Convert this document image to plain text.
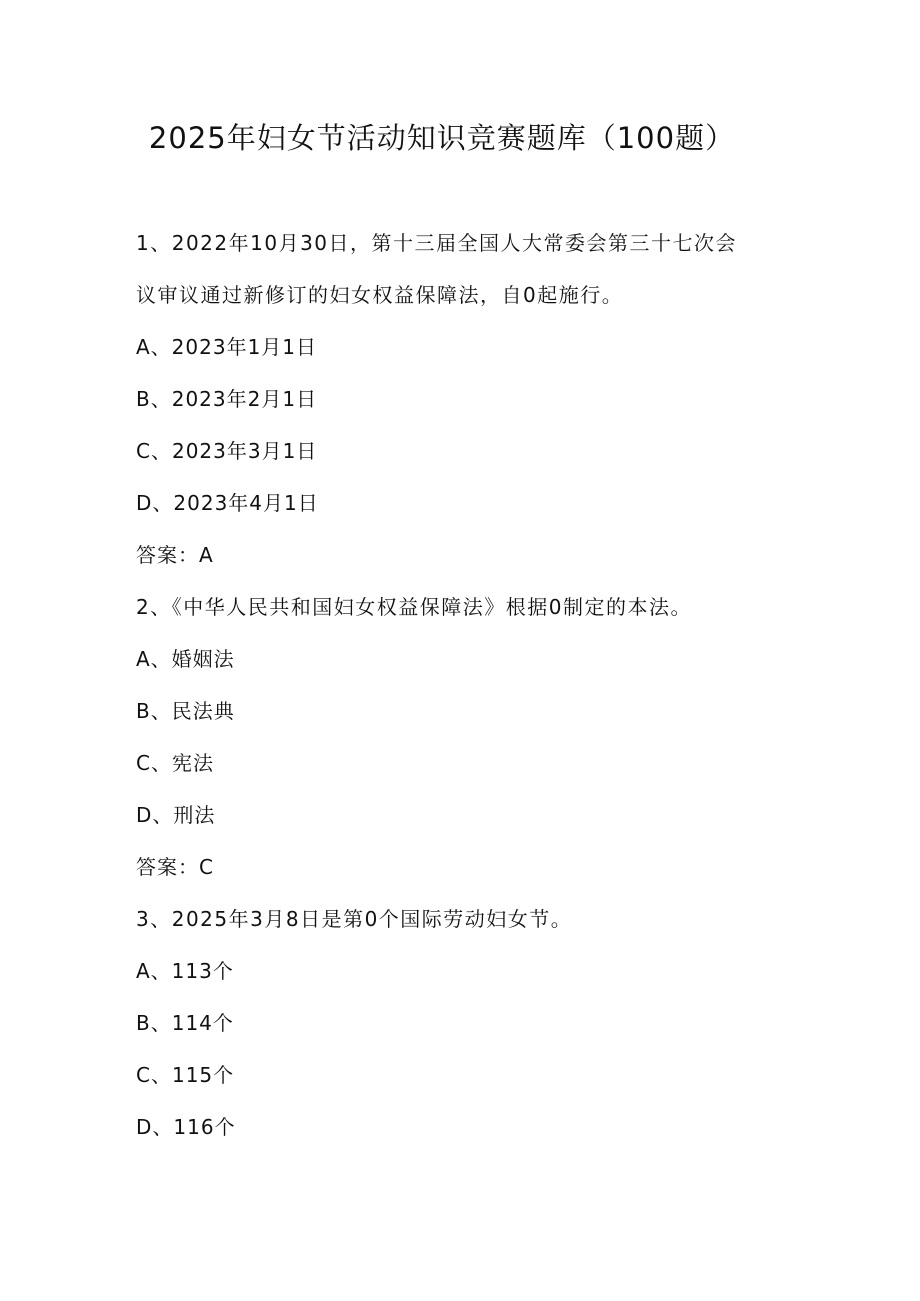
2025年妇女节活动知识竞赛题库（100题）
1、2022年10月30日，第十三届全国人大常委会第三十七次会
议审议通过新修订的妇女权益保障法，自0起施行。
A、2023年1月1日
B、2023年2月1日
C、2023年3月1日
D、2023年4月1日
答案：A
2、《中华人民共和国妇女权益保障法》根据0制定的本法。
A、婚姻法
B、民法典
C、宪法
D、刑法
答案：C
3、2025年3月8日是第0个国际劳动妇女节。
A、113个
B、114个
C、115个
D、116个
